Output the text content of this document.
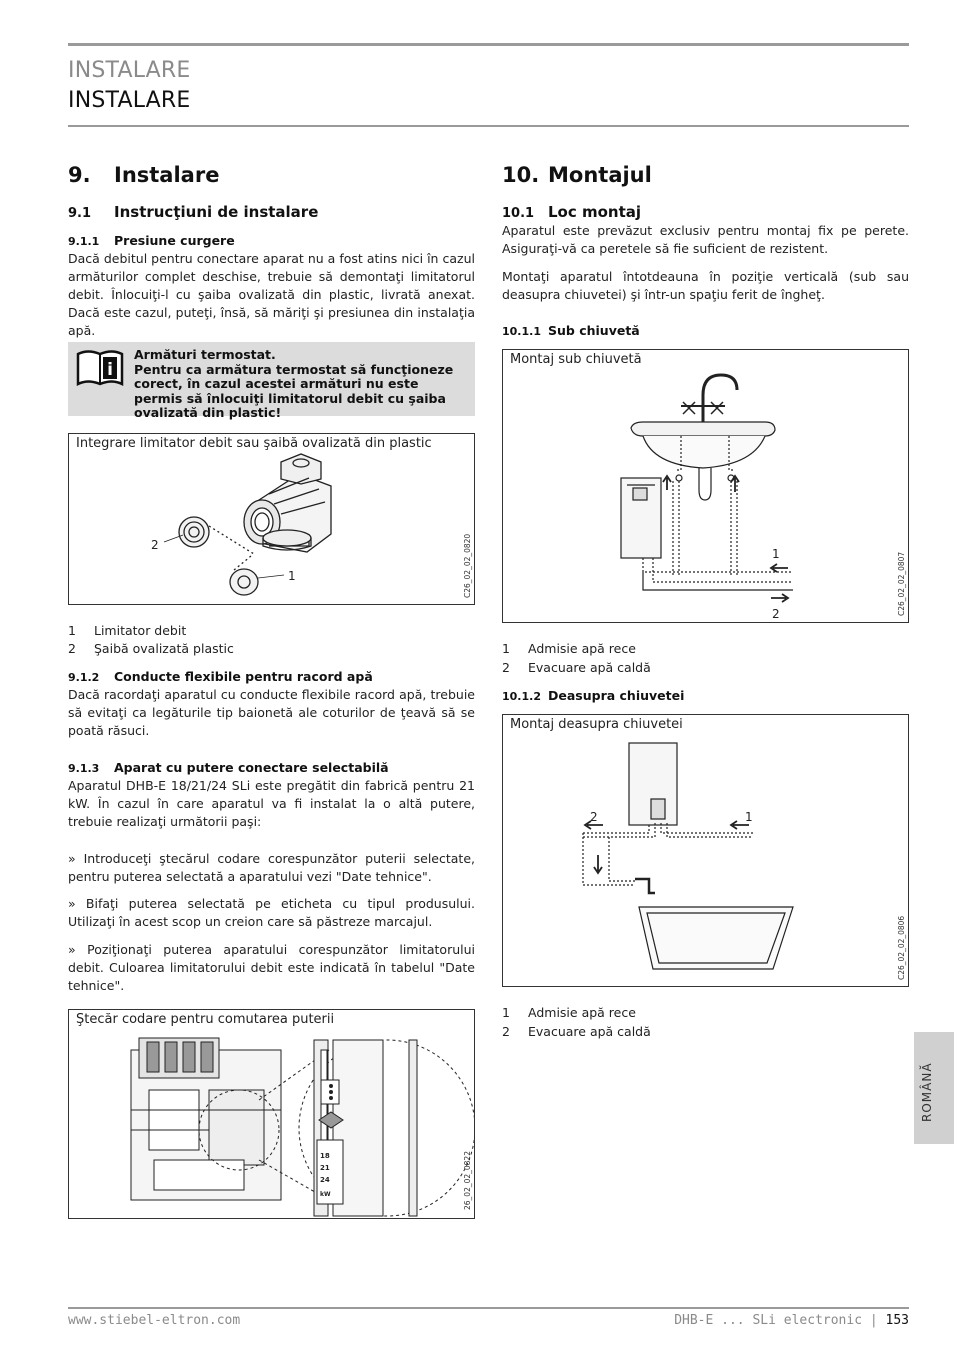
INSTALARE
INSTALARE
9. Instalare
9.1 Instrucţiuni de instalare
9.1.1 Presiune curgere
Dacă debitul pentru conectare aparat nu a fost atins nici în cazul armăturilor complet deschise, trebuie să demontaţi limitatorul debit. Înlocuiţi-l cu şaiba ovalizată din plastic, livrată anexat. Dacă este cazul, puteţi, însă, să măriţi şi presiunea din instalaţia apă.
i
Armături termostat.
Pentru ca armătura termostat să funcţioneze corect, în cazul acestei armături nu este permis să înlocuiţi limitatorul debit cu şaiba ovalizată din plastic!
Integrare limitator debit sau şaibă ovalizată din plastic
2
1	C26_02_02_0820
1 Limitator debit
2 Şaibă ovalizată plastic
9.1.2 Conducte flexibile pentru racord apă
Dacă racordaţi aparatul cu conducte flexibile racord apă, trebuie să evitaţi ca legăturile tip baionetă ale coturilor de ţeavă să se poată răsuci.
9.1.3 Aparat cu putere conectare selectabilă
Aparatul DHB-E 18/21/24 SLi este pregătit din fabrică pentru 21 kW. În cazul în care aparatul va fi instalat la o altă putere, trebuie realizaţi următorii paşi:
» Introduceţi ştecărul codare corespunzător puterii selectate, pentru puterea selectată a aparatului vezi "Date tehnice".
» Bifaţi puterea selectată pe eticheta cu tipul produsului. Utilizaţi în acest scop un creion care să păstreze marcajul.
» Poziţionaţi puterea aparatului corespunzător limitatorului debit. Culoarea limitatorului debit este indicată în tabelul "Date tehnice".
Ştecăr codare pentru comutarea puterii
18
21
24
kW	26_02_02_0822
10. Montajul
10.1 Loc montaj
Aparatul este prevăzut exclusiv pentru montaj fix pe perete. Asiguraţi-vă ca peretele să fie suficient de rezistent.
Montaţi aparatul întotdeauna în poziţie verticală (sub sau deasupra chiuvetei) şi într-un spaţiu ferit de îngheţ.
10.1.1 Sub chiuvetă
Montaj sub chiuvetă
1
2	C26_02_02_0807
1 Admisie apă rece
2 Evacuare apă caldă
10.1.2 Deasupra chiuvetei
Montaj deasupra chiuvetei
2	1
C26_02_02_0806
1 Admisie apă rece
2 Evacuare apă caldă
ROMÂNĂ
www.stiebel-eltron.com	DHB-E ... SLi electronic | 153
